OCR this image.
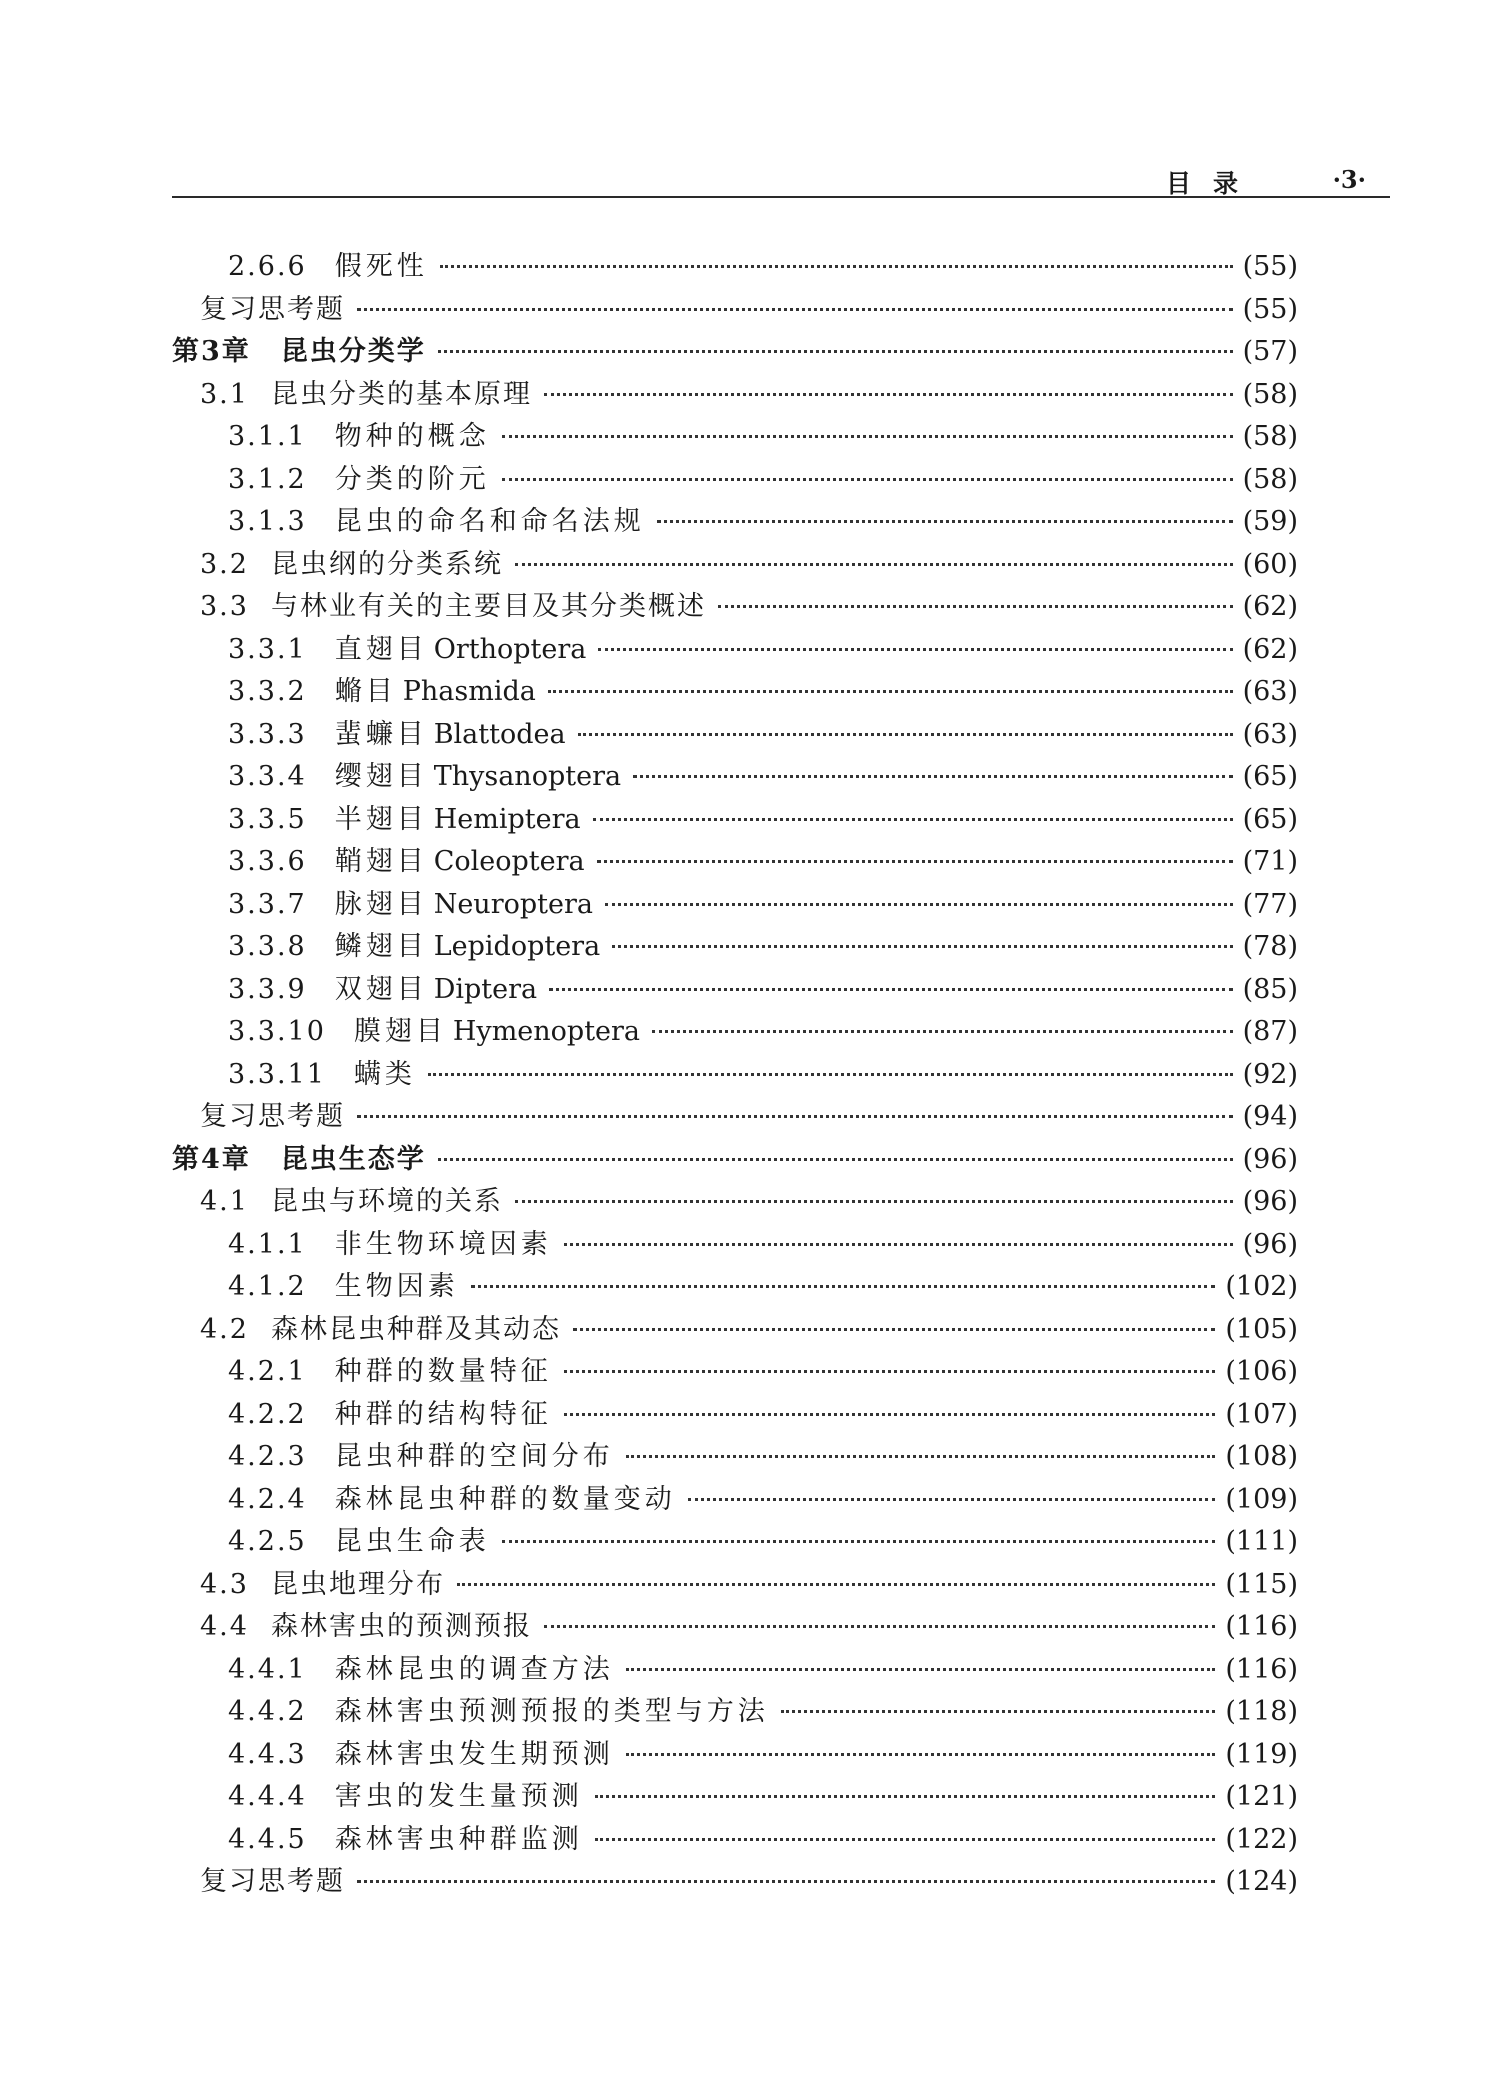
目录	·3·
2.6.6 假死性	(55)
复习思考题	(55)
第3章 昆虫分类学	(57)
3.1 昆虫分类的基本原理	(58)
3.1.1 物种的概念	(58)
3.1.2 分类的阶元	(58)
3.1.3 昆虫的命名和命名法规	(59)
3.2 昆虫纲的分类系统	(60)
3.3 与林业有关的主要目及其分类概述	(62)
3.3.1 直翅目 Orthoptera	(62)
3.3.2 䗛目 Phasmida	(63)
3.3.3 蜚蠊目 Blattodea	(63)
3.3.4 缨翅目 Thysanoptera	(65)
3.3.5 半翅目 Hemiptera	(65)
3.3.6 鞘翅目 Coleoptera	(71)
3.3.7 脉翅目 Neuroptera	(77)
3.3.8 鳞翅目 Lepidoptera	(78)
3.3.9 双翅目 Diptera	(85)
3.3.10 膜翅目 Hymenoptera	(87)
3.3.11 螨类	(92)
复习思考题	(94)
第4章 昆虫生态学	(96)
4.1 昆虫与环境的关系	(96)
4.1.1 非生物环境因素	(96)
4.1.2 生物因素	(102)
4.2 森林昆虫种群及其动态	(105)
4.2.1 种群的数量特征	(106)
4.2.2 种群的结构特征	(107)
4.2.3 昆虫种群的空间分布	(108)
4.2.4 森林昆虫种群的数量变动	(109)
4.2.5 昆虫生命表	(111)
4.3 昆虫地理分布	(115)
4.4 森林害虫的预测预报	(116)
4.4.1 森林昆虫的调查方法	(116)
4.4.2 森林害虫预测预报的类型与方法	(118)
4.4.3 森林害虫发生期预测	(119)
4.4.4 害虫的发生量预测	(121)
4.4.5 森林害虫种群监测	(122)
复习思考题	(124)
